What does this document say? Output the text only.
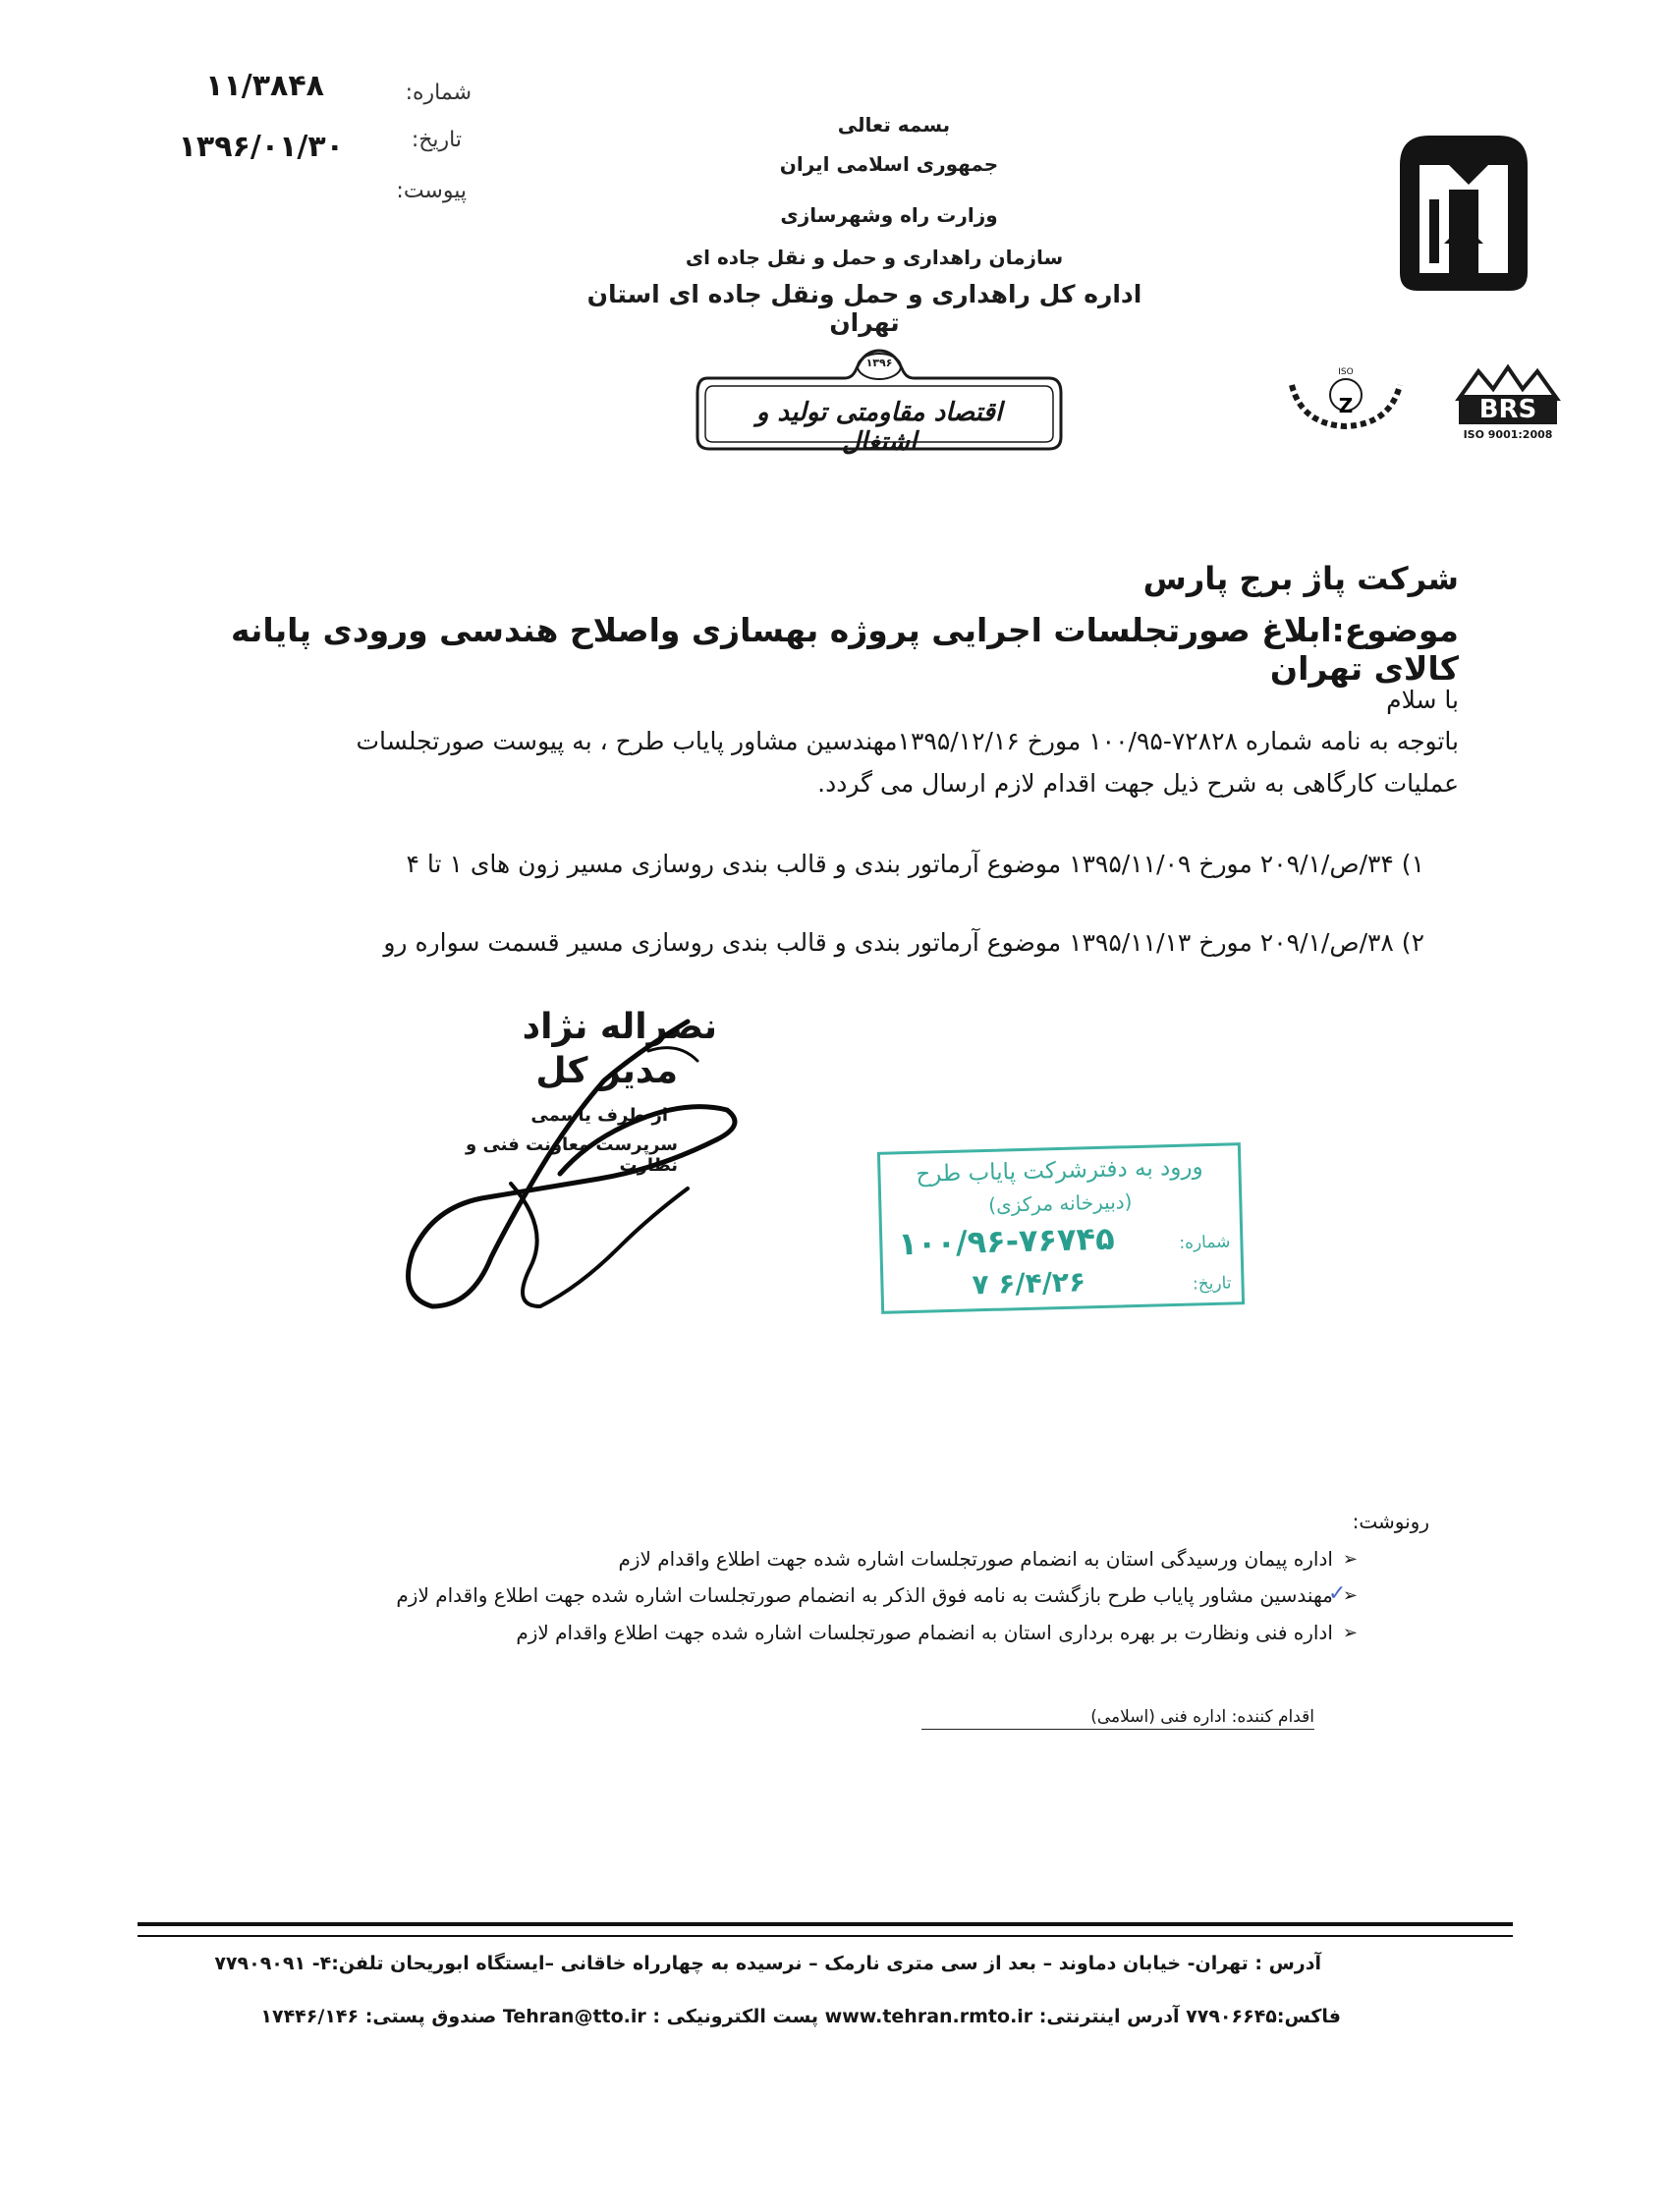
شماره:
۱۱/۳۸۴۸
تاریخ:
۱۳۹۶/۰۱/۳۰
پیوست:
بسمه تعالی
جمهوری اسلامی ایران
وزارت راه وشهرسازی
سازمان راهداری و حمل و نقل جاده ای
اداره کل راهداری و حمل ونقل جاده ای استان تهران
۱۳۹۶
اقتصاد مقاومتی تولید و اشتغال
Z
ISO
BRS
ISO 9001:2008
شرکت پاژ برج پارس
موضوع:ابلاغ صورتجلسات اجرایی پروژه بهسازی واصلاح هندسی ورودی پایانه کالای تهران
با سلام
باتوجه به نامه شماره ۷۲۸۲۸-۱۰۰/۹۵ مورخ ۱۳۹۵/۱۲/۱۶مهندسین مشاور پایاب طرح ، به پیوست صورتجلسات
عملیات کارگاهی به شرح ذیل جهت اقدام لازم ارسال می گردد.
۱) ۳۴/ص/۲۰۹/۱ مورخ ۱۳۹۵/۱۱/۰۹ موضوع آرماتور بندی و قالب بندی روسازی مسیر زون های ۱ تا ۴
۲) ۳۸/ص/۲۰۹/۱ مورخ ۱۳۹۵/۱۱/۱۳ موضوع آرماتور بندی و قالب بندی روسازی مسیر قسمت سواره رو
نصراله نژاد
مدیر کل
از طرف یاسمی
سرپرست معاونت فنی و نظارت	ورود به دفترشرکت پایاب طرح
(دبیرخانه مرکزی)
شماره:
۱۰۰/۹۶-۷۶۷۴۵
تاریخ:
۷ ۶/۴/۲۶
رونوشت:
➢
اداره پیمان ورسیدگی استان به انضمام صورتجلسات اشاره شده جهت اطلاع واقدام لازم
➢
مهندسین مشاور پایاب طرح بازگشت به نامه فوق الذکر به انضمام صورتجلسات اشاره شده جهت اطلاع واقدام لازم
✓
➢
اداره فنی ونظارت بر بهره برداری استان به انضمام صورتجلسات اشاره شده جهت اطلاع واقدام لازم
اقدام کننده: اداره فنی (اسلامی)
آدرس : تهران- خیابان دماوند – بعد از سی متری نارمک – نرسیده به چهارراه خاقانی –ایستگاه ابوریحان تلفن:۴- ۷۷۹۰۹۰۹۱
فاکس:۷۷۹۰۶۶۴۵ آدرس اینترنتی: www.tehran.rmto.ir پست الکترونیکی : Tehran@tto.ir صندوق پستی: ۱۷۴۴۶/۱۴۶
